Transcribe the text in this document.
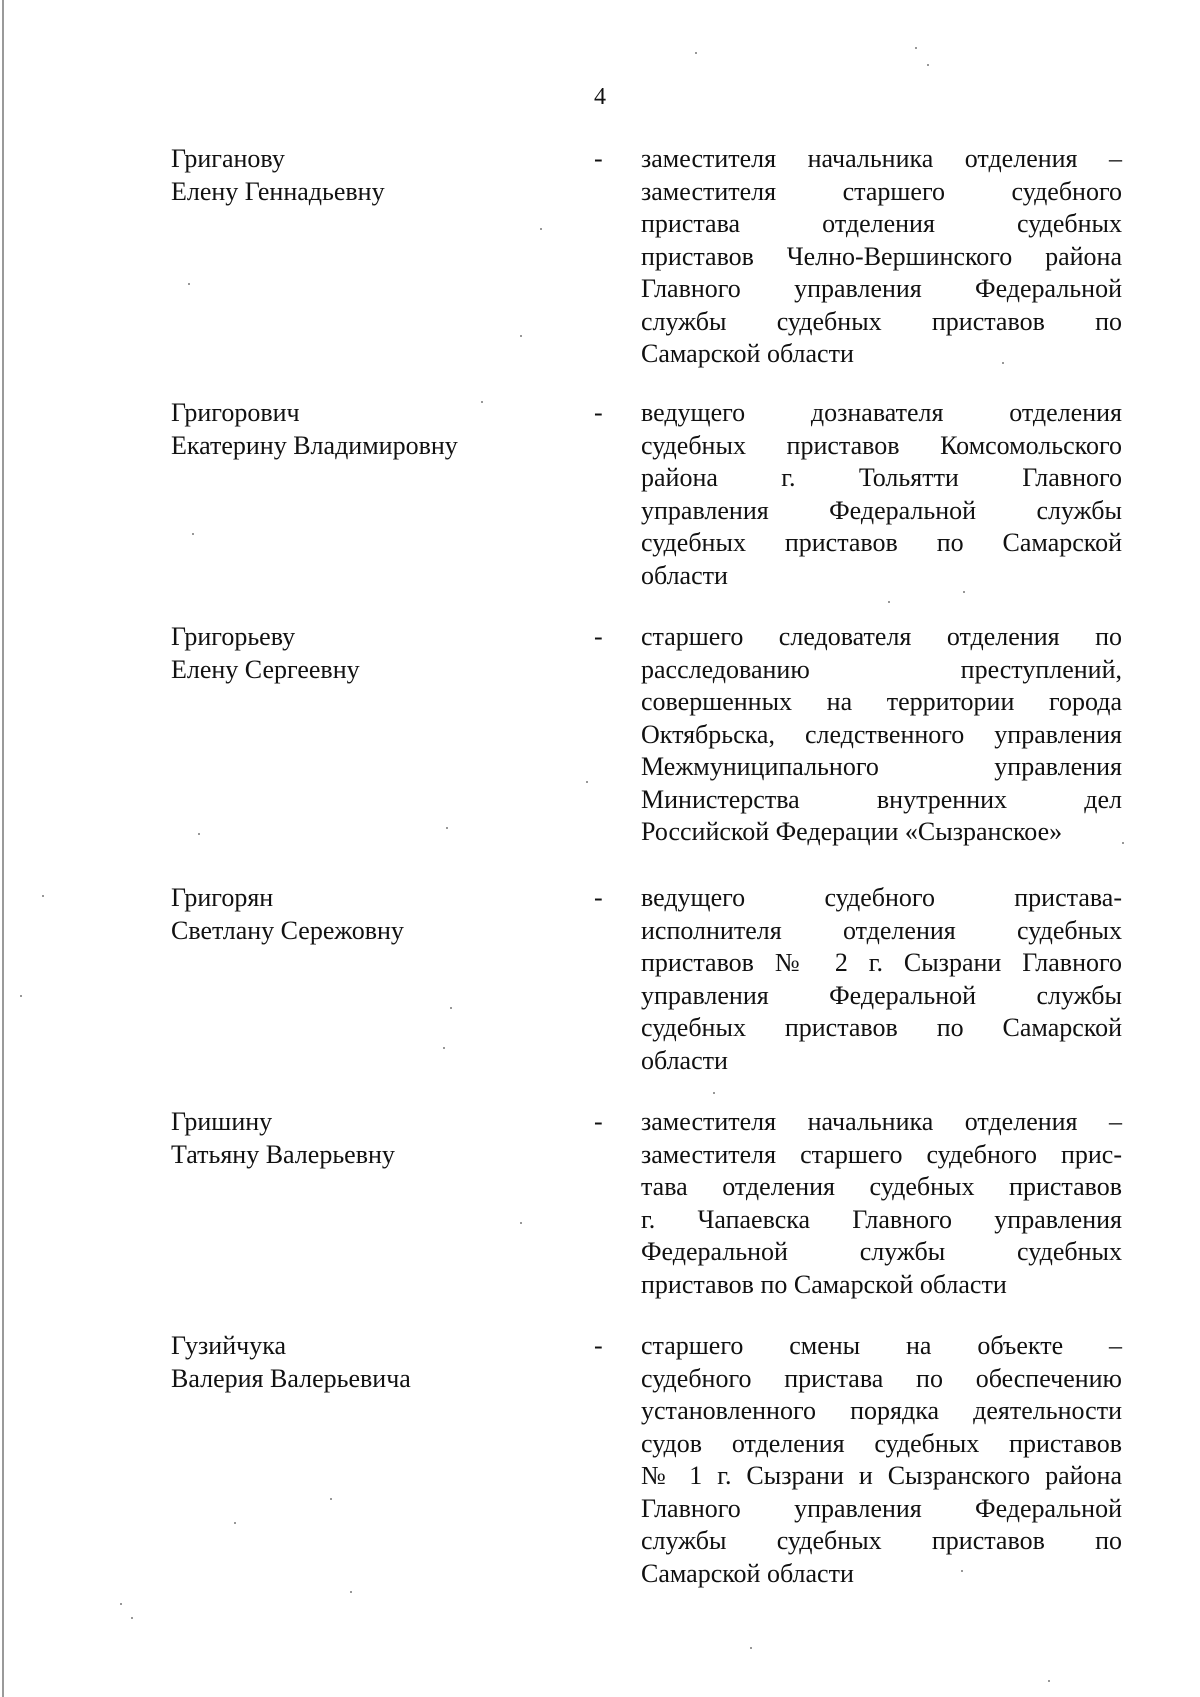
4
Григанову
Елену Геннадьевну
- заместителя начальника отделения –
заместителя старшего судебного
пристава отделения судебных
приставов Челно-Вершинского района
Главного управления Федеральной
службы судебных приставов по
Самарской области
Григорович
Екатерину Владимировну
- ведущего дознавателя отделения
судебных приставов Комсомольского
района г. Тольятти Главного
управления Федеральной службы
судебных приставов по Самарской
области
Григорьеву
Елену Сергеевну
- старшего следователя отделения по
расследованию преступлений,
совершенных на территории города
Октябрьска, следственного управления
Межмуниципального управления
Министерства внутренних дел
Российской Федерации «Сызранское»
Григорян
Светлану Сережовну
- ведущего судебного пристава-
исполнителя отделения судебных
приставов № 2 г. Сызрани Главного
управления Федеральной службы
судебных приставов по Самарской
области
Гришину
Татьяну Валерьевну
- заместителя начальника отделения –
заместителя старшего судебного прис-
тава отделения судебных приставов
г. Чапаевска Главного управления
Федеральной службы судебных
приставов по Самарской области
Гузийчука
Валерия Валерьевича
- старшего смены на объекте –
судебного пристава по обеспечению
установленного порядка деятельности
судов отделения судебных приставов
№ 1 г. Сызрани и Сызранского района
Главного управления Федеральной
службы судебных приставов по
Самарской области
